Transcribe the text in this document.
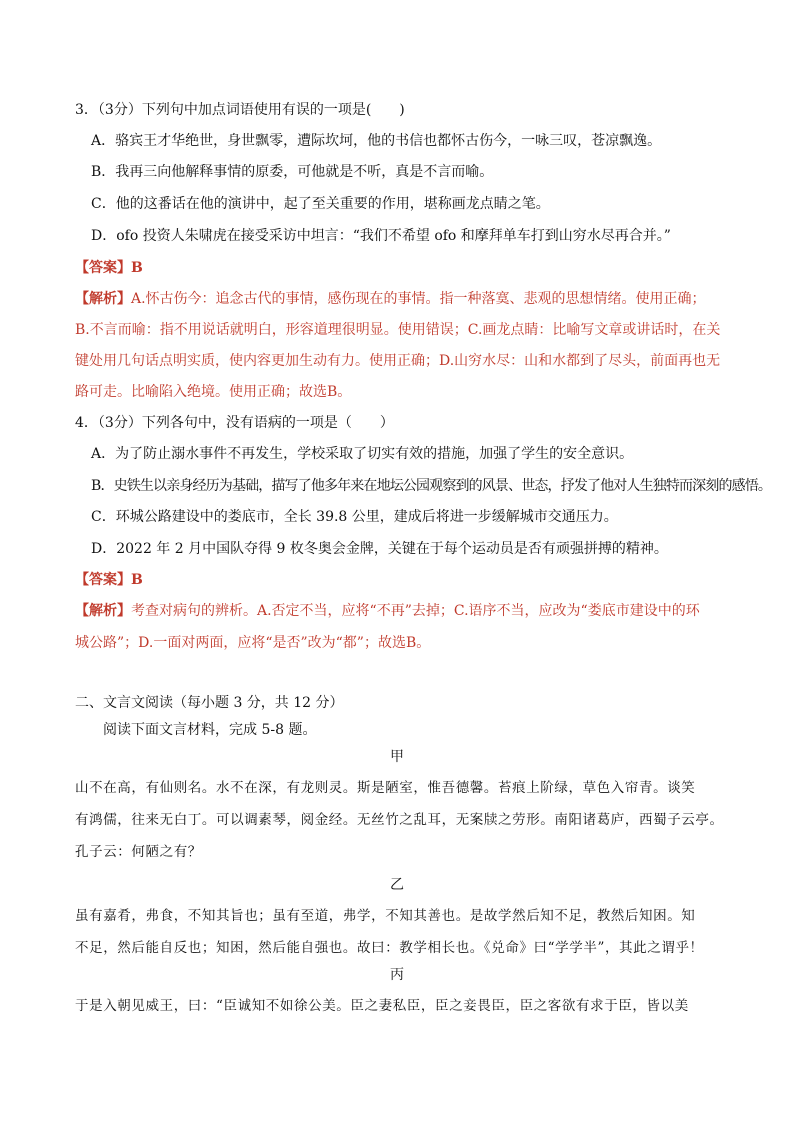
3．（3分）下列句中加点词语使用有误的一项是(　　)
A．骆宾王才华绝世，身世飘零，遭际坎坷，他的书信也都怀古伤今，一咏三叹，苍凉飘逸。
B．我再三向他解释事情的原委，可他就是不听，真是不言而喻。
C．他的这番话在他的演讲中，起了至关重要的作用，堪称画龙点睛之笔。
D．ofo 投资人朱啸虎在接受采访中坦言：“我们不希望 ofo 和摩拜单车打到山穷水尽再合并。”
【答案】B
【解析】A.怀古伤今：追念古代的事情，感伤现在的事情。指一种落寞、悲观的思想情绪。使用正确；
B.不言而喻：指不用说话就明白，形容道理很明显。使用错误；C.画龙点睛：比喻写文章或讲话时，在关
键处用几句话点明实质，使内容更加生动有力。使用正确；D.山穷水尽：山和水都到了尽头，前面再也无
路可走。比喻陷入绝境。使用正确；故选B。
4．（3分）下列各句中，没有语病的一项是（　　）
A．为了防止溺水事件不再发生，学校采取了切实有效的措施，加强了学生的安全意识。
B．史铁生以亲身经历为基础，描写了他多年来在地坛公园观察到的风景、世态，抒发了他对人生独特而深刻的感悟。
C．环城公路建设中的娄底市，全长 39.8 公里，建成后将进一步缓解城市交通压力。
D．2022 年 2 月中国队夺得 9 枚冬奥会金牌，关键在于每个运动员是否有顽强拼搏的精神。
【答案】B
【解析】考查对病句的辨析。A.否定不当，应将“不再”去掉；C.语序不当，应改为“娄底市建设中的环
城公路”；D.一面对两面，应将“是否”改为“都”；故选B。
二、文言文阅读（每小题 3 分，共 12 分）
阅读下面文言材料，完成 5-8 题。
甲
山不在高，有仙则名。水不在深，有龙则灵。斯是陋室，惟吾德馨。苔痕上阶绿，草色入帘青。谈笑
有鸿儒，往来无白丁。可以调素琴，阅金经。无丝竹之乱耳，无案牍之劳形。南阳诸葛庐，西蜀子云亭。
孔子云：何陋之有？
乙
虽有嘉肴，弗食，不知其旨也；虽有至道，弗学，不知其善也。是故学然后知不足，教然后知困。知
不足，然后能自反也；知困，然后能自强也。故曰：教学相长也。《兑命》曰“学学半”，其此之谓乎！
丙
于是入朝见威王，曰：“臣诚知不如徐公美。臣之妻私臣，臣之妾畏臣，臣之客欲有求于臣，皆以美
